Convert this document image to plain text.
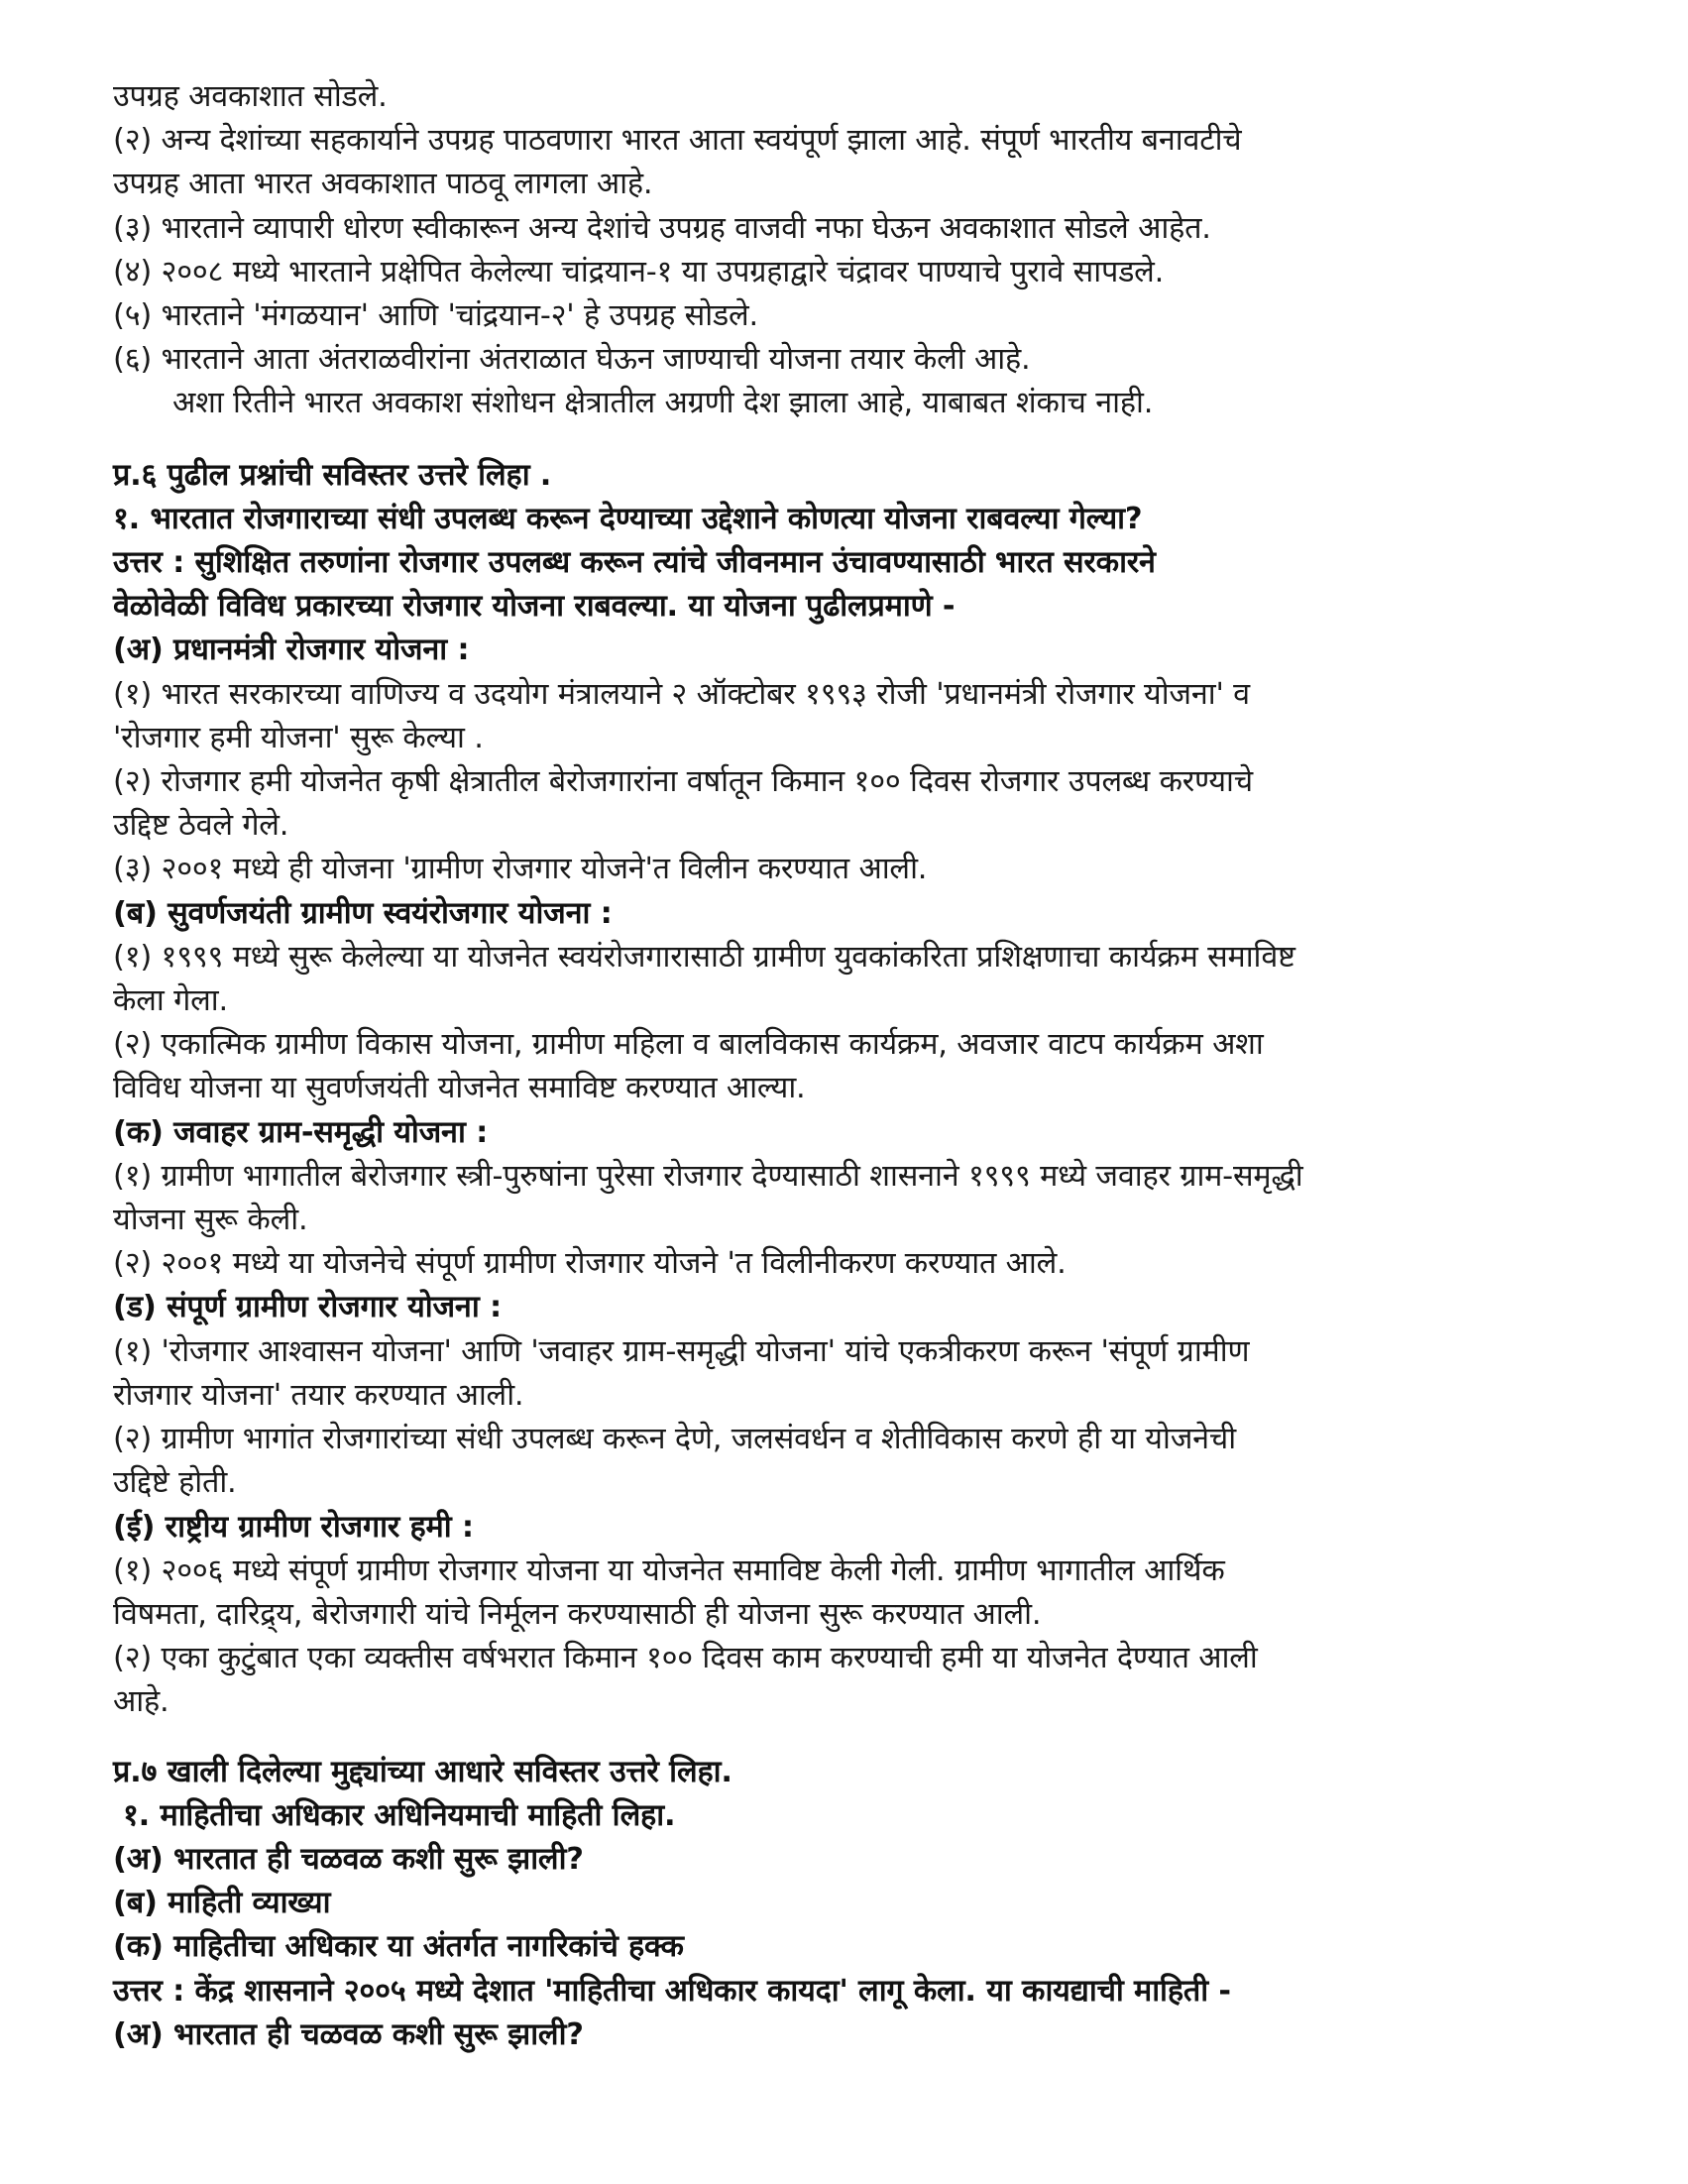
उपग्रह अवकाशात सोडले.
(२) अन्य देशांच्या सहकार्याने उपग्रह पाठवणारा भारत आता स्वयंपूर्ण झाला आहे. संपूर्ण भारतीय बनावटीचे
उपग्रह आता भारत अवकाशात पाठवू लागला आहे.
(३) भारताने व्यापारी धोरण स्वीकारून अन्य देशांचे उपग्रह वाजवी नफा घेऊन अवकाशात सोडले आहेत.
(४) २००८ मध्ये भारताने प्रक्षेपित केलेल्या चांद्रयान-१ या उपग्रहाद्वारे चंद्रावर पाण्याचे पुरावे सापडले.
(५) भारताने 'मंगळयान' आणि 'चांद्रयान-२' हे उपग्रह सोडले.
(६) भारताने आता अंतराळवीरांना अंतराळात घेऊन जाण्याची योजना तयार केली आहे.
अशा रितीने भारत अवकाश संशोधन क्षेत्रातील अग्रणी देश झाला आहे, याबाबत शंकाच नाही.
प्र.६ पुढील प्रश्नांची सविस्तर उत्तरे लिहा .
१. भारतात रोजगाराच्या संधी उपलब्ध करून देण्याच्या उद्देशाने कोणत्या योजना राबवल्या गेल्या?
उत्तर : सुशिक्षित तरुणांना रोजगार उपलब्ध करून त्यांचे जीवनमान उंचावण्यासाठी भारत सरकारने
वेळोवेळी विविध प्रकारच्या रोजगार योजना राबवल्या. या योजना पुढीलप्रमाणे -
(अ) प्रधानमंत्री रोजगार योजना :
(१) भारत सरकारच्या वाणिज्य व उदयोग मंत्रालयाने २ ऑक्टोबर १९९३ रोजी 'प्रधानमंत्री रोजगार योजना' व
'रोजगार हमी योजना' सुरू केल्या .
(२) रोजगार हमी योजनेत कृषी क्षेत्रातील बेरोजगारांना वर्षातून किमान १०० दिवस रोजगार उपलब्ध करण्याचे
उद्दिष्ट ठेवले गेले.
(३) २००१ मध्ये ही योजना 'ग्रामीण रोजगार योजने'त विलीन करण्यात आली.
(ब) सुवर्णजयंती ग्रामीण स्वयंरोजगार योजना :
(१) १९९९ मध्ये सुरू केलेल्या या योजनेत स्वयंरोजगारासाठी ग्रामीण युवकांकरिता प्रशिक्षणाचा कार्यक्रम समाविष्ट
केला गेला.
(२) एकात्मिक ग्रामीण विकास योजना, ग्रामीण महिला व बालविकास कार्यक्रम, अवजार वाटप कार्यक्रम अशा
विविध योजना या सुवर्णजयंती योजनेत समाविष्ट करण्यात आल्या.
(क) जवाहर ग्राम-समृद्धी योजना :
(१) ग्रामीण भागातील बेरोजगार स्त्री-पुरुषांना पुरेसा रोजगार देण्यासाठी शासनाने १९९९ मध्ये जवाहर ग्राम-समृद्धी
योजना सुरू केली.
(२) २००१ मध्ये या योजनेचे संपूर्ण ग्रामीण रोजगार योजने 'त विलीनीकरण करण्यात आले.
(ड) संपूर्ण ग्रामीण रोजगार योजना :
(१) 'रोजगार आश्वासन योजना' आणि 'जवाहर ग्राम-समृद्धी योजना' यांचे एकत्रीकरण करून 'संपूर्ण ग्रामीण
रोजगार योजना' तयार करण्यात आली.
(२) ग्रामीण भागांत रोजगारांच्या संधी उपलब्ध करून देणे, जलसंवर्धन व शेतीविकास करणे ही या योजनेची
उद्दिष्टे होती.
(ई) राष्ट्रीय ग्रामीण रोजगार हमी :
(१) २००६ मध्ये संपूर्ण ग्रामीण रोजगार योजना या योजनेत समाविष्ट केली गेली. ग्रामीण भागातील आर्थिक
विषमता, दारिद्र्य, बेरोजगारी यांचे निर्मूलन करण्यासाठी ही योजना सुरू करण्यात आली.
(२) एका कुटुंबात एका व्यक्तीस वर्षभरात किमान १०० दिवस काम करण्याची हमी या योजनेत देण्यात आली
आहे.
प्र.७ खाली दिलेल्या मुद्द्यांच्या आधारे सविस्तर उत्तरे लिहा.
१. माहितीचा अधिकार अधिनियमाची माहिती लिहा.
(अ) भारतात ही चळवळ कशी सुरू झाली?
(ब) माहिती व्याख्या
(क) माहितीचा अधिकार या अंतर्गत नागरिकांचे हक्क
उत्तर : केंद्र शासनाने २००५ मध्ये देशात 'माहितीचा अधिकार कायदा' लागू केला. या कायद्याची माहिती -
(अ) भारतात ही चळवळ कशी सुरू झाली?
